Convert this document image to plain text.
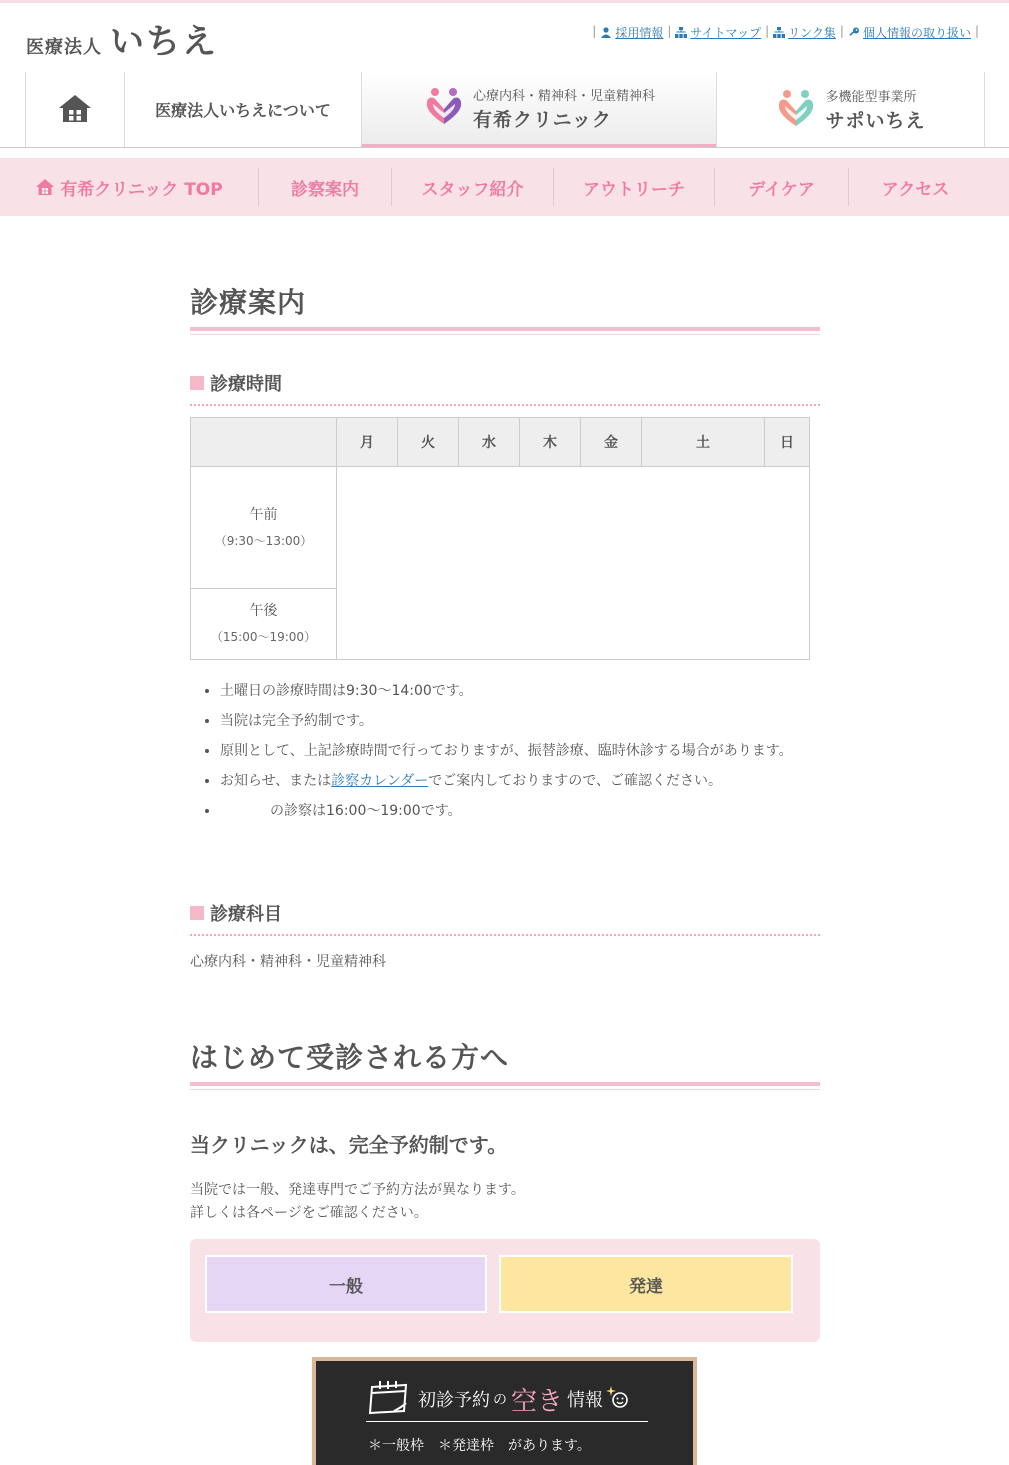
医療法人 いちえ	| 採用情報 | サイトマップ | リンク集 | 個人情報の取り扱い |
医療法人いちえについて
心療内科・精神科・児童精神科
有希クリニック
多機能型事業所
サポいちえ
有希クリニック TOP	診察案内	スタッフ紹介	アウトリーチ	デイケア	アクセス
診療案内
診療時間
	月	火	水	木	金	土	日

午前
（9:30〜13:00）							

午後
（15:00〜19:00）							

• 土曜日の診療時間は9:30〜14:00です。
• 当院は完全予約制です。
• 原則として、上記診療時間で行っておりますが、振替診療、臨時休診する場合があります。
• お知らせ、または診察カレンダーでご案内しておりますので、ご確認ください。
• の診察は16:00〜19:00です。
診療科目
心療内科・精神科・児童精神科
はじめて受診される方へ
当クリニックは、完全予約制です。
当院では一般、発達専門でご予約方法が異なります。
詳しくは各ページをご確認ください。
一般	発達
初診予約 の 空き 情報
＊一般枠　＊発達枠　があります。
